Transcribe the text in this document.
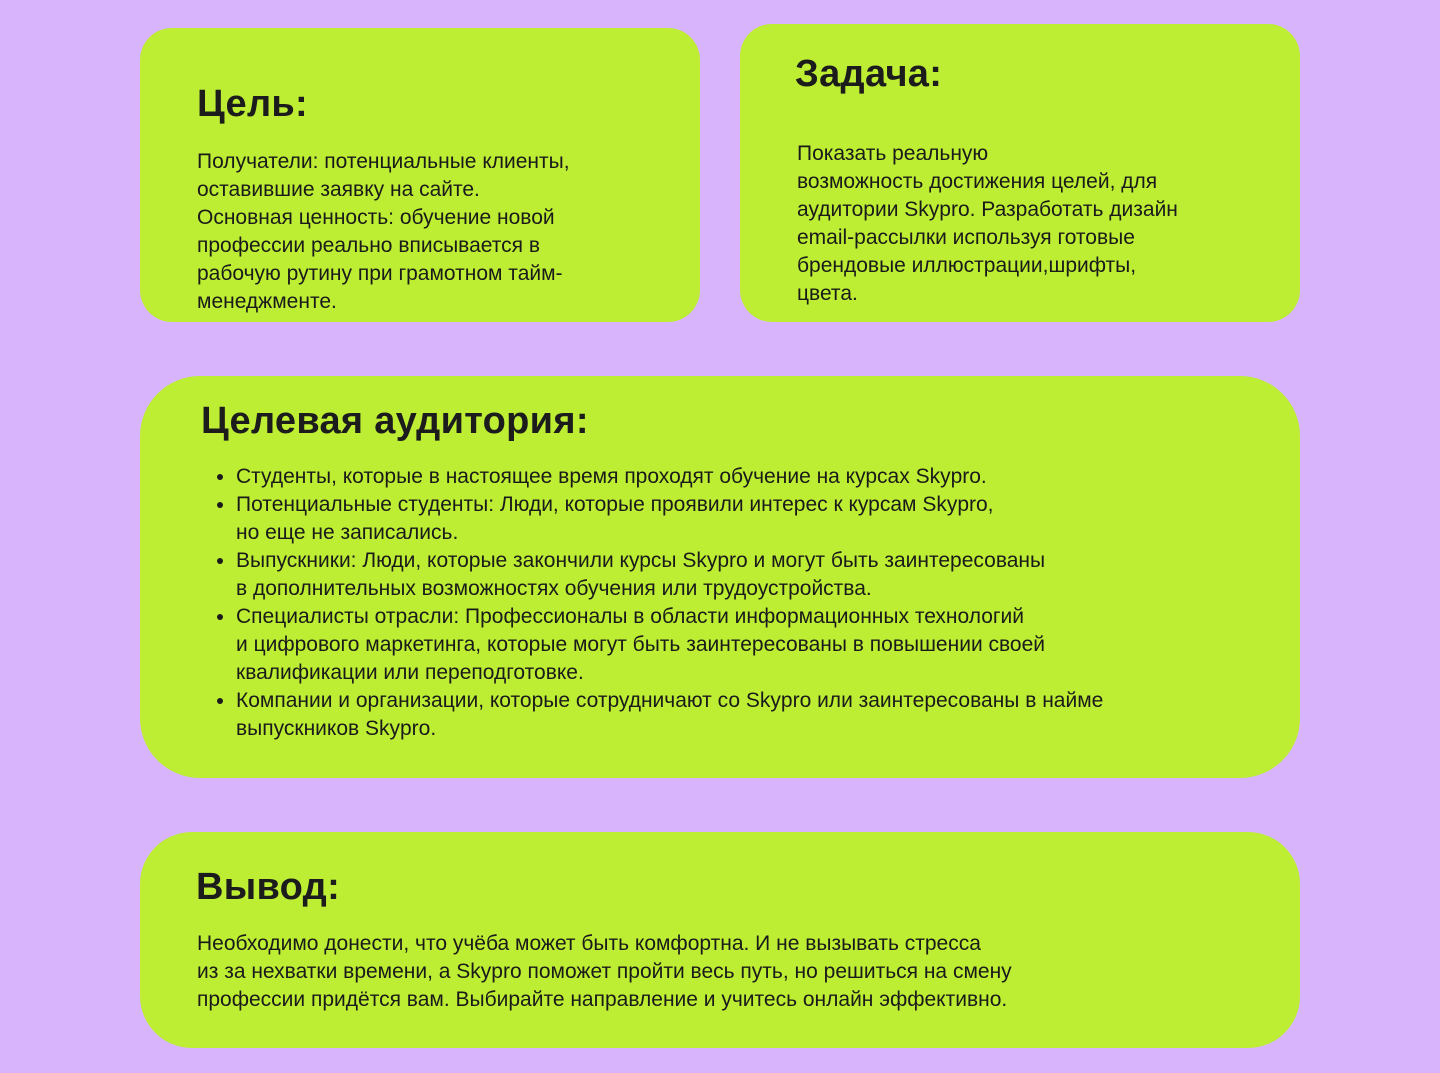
Цель:

Получатели: потенциальные клиенты,
оставившие заявку на сайте.
Основная ценность: обучение новой
профессии реально вписывается в
рабочую рутину при грамотном тайм-
менеджменте.

Задача:

Показать реальную
возможность достижения целей, для
аудитории Skypro. Разработать дизайн
email-рассылки используя готовые
брендовые иллюстрации,шрифты,
цвета.

Целевая аудитория:
• Студенты, которые в настоящее время проходят обучение на курсах Skypro.
• Потенциальные студенты: Люди, которые проявили интерес к курсам Skypro,
но еще не записались.
• Выпускники: Люди, которые закончили курсы Skypro и могут быть заинтересованы
в дополнительных возможностях обучения или трудоустройства.
• Специалисты отрасли: Профессионалы в области информационных технологий
и цифрового маркетинга, которые могут быть заинтересованы в повышении своей
квалификации или переподготовке.
• Компании и организации, которые сотрудничают со Skypro или заинтересованы в найме
выпускников Skypro.
Вывод:

Необходимо донести, что учёба может быть комфортна. И не вызывать стресса
из за нехватки времени, а Skypro поможет пройти весь путь, но решиться на смену
профессии придётся вам. Выбирайте направление и учитесь онлайн эффективно.
